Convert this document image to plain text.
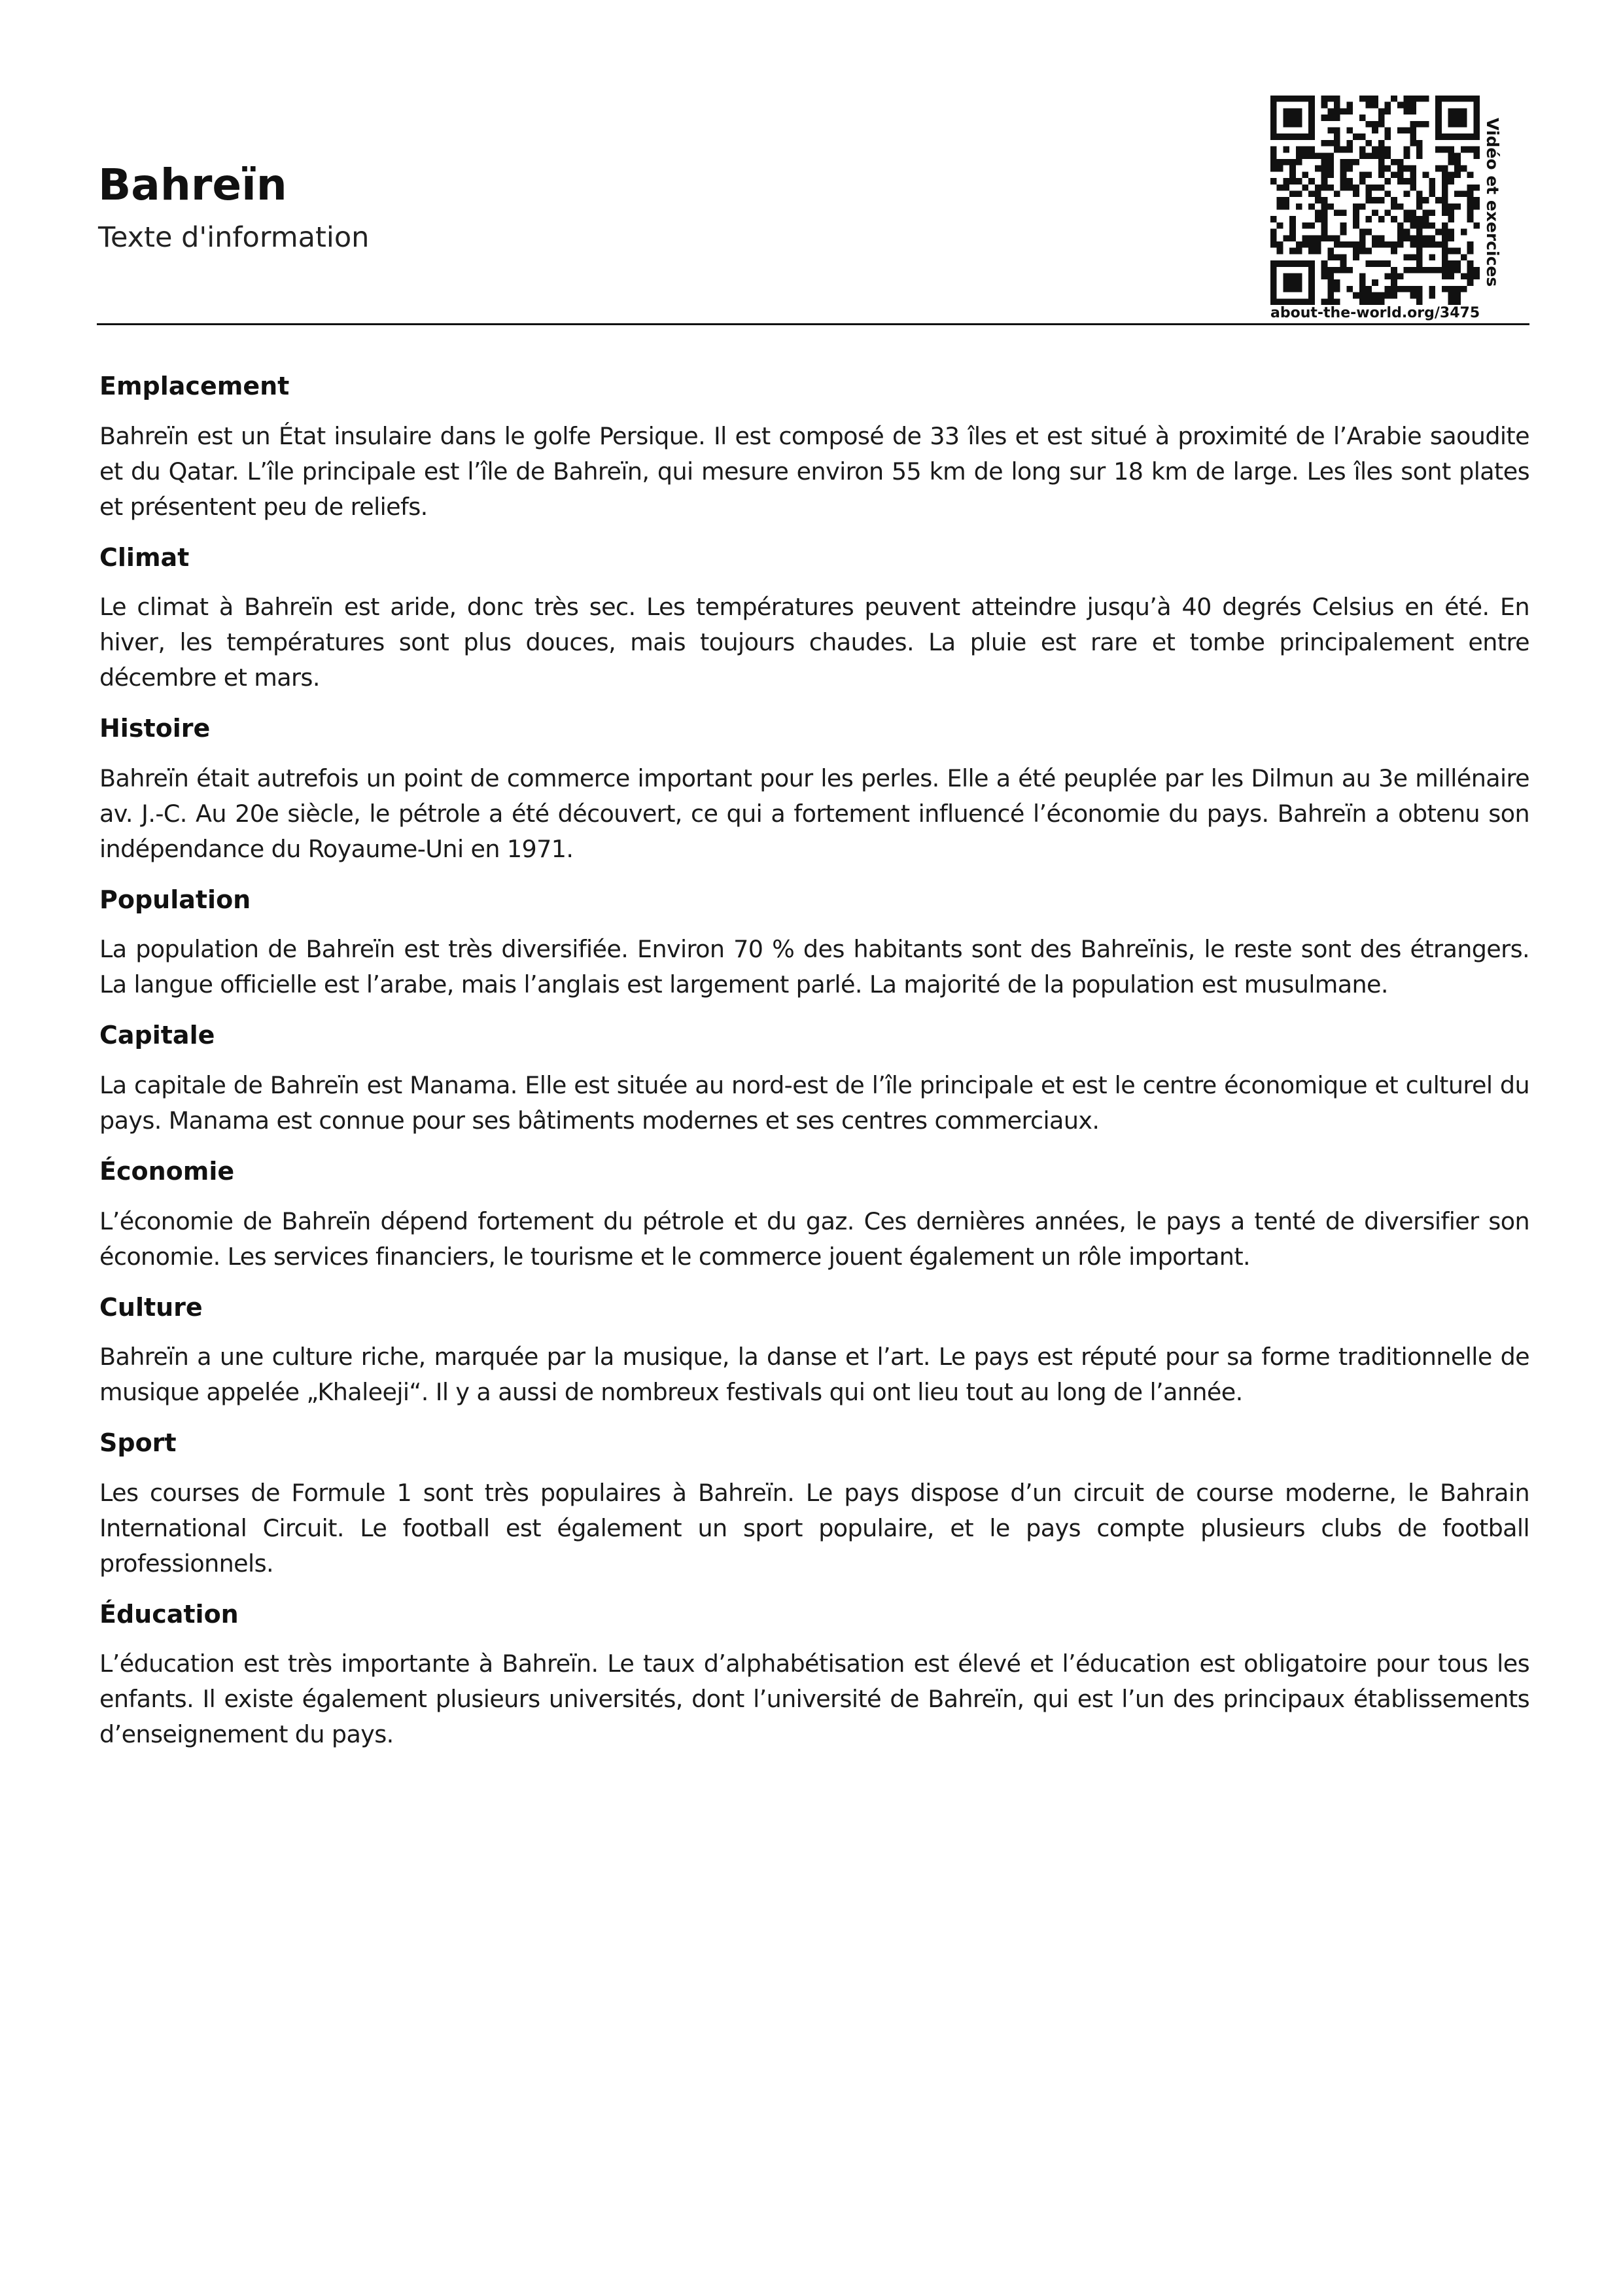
Bahreïn
Texte d'information	Vidéo et exercices
about-the-world.org/3475
Emplacement

Bahreïn est un État insulaire dans le golfe Persique. Il est composé de 33 îles et est situé à proximité de l’Arabie saoudite et du Qatar. L’île principale est l’île de Bahreïn, qui mesure environ 55 km de long sur 18 km de large. Les îles sont plates et présentent peu de reliefs.

Climat

Le climat à Bahreïn est aride, donc très sec. Les températures peuvent atteindre jusqu’à 40 degrés Celsius en été. En hiver, les températures sont plus douces, mais toujours chaudes. La pluie est rare et tombe principalement entre décembre et mars.

Histoire

Bahreïn était autrefois un point de commerce important pour les perles. Elle a été peuplée par les Dilmun au 3e millénaire av. J.-C. Au 20e siècle, le pétrole a été découvert, ce qui a fortement influencé l’économie du pays. Bahreïn a obtenu son indépendance du Royaume-Uni en 1971.

Population

La population de Bahreïn est très diversifiée. Environ 70 % des habitants sont des Bahreïnis, le reste sont des étrangers. La langue officielle est l’arabe, mais l’anglais est largement parlé. La majorité de la population est musulmane.

Capitale

La capitale de Bahreïn est Manama. Elle est située au nord-est de l’île principale et est le centre économique et culturel du pays. Manama est connue pour ses bâtiments modernes et ses centres commerciaux.

Économie

L’économie de Bahreïn dépend fortement du pétrole et du gaz. Ces dernières années, le pays a tenté de diversifier son économie. Les services financiers, le tourisme et le commerce jouent également un rôle important.

Culture

Bahreïn a une culture riche, marquée par la musique, la danse et l’art. Le pays est réputé pour sa forme traditionnelle de musique appelée „Khaleeji“. Il y a aussi de nombreux festivals qui ont lieu tout au long de l’année.

Sport

Les courses de Formule 1 sont très populaires à Bahreïn. Le pays dispose d’un circuit de course moderne, le Bahrain International Circuit. Le football est également un sport populaire, et le pays compte plusieurs clubs de football professionnels.

Éducation

L’éducation est très importante à Bahreïn. Le taux d’alphabétisation est élevé et l’éducation est obligatoire pour tous les enfants. Il existe également plusieurs universités, dont l’université de Bahreïn, qui est l’un des principaux établissements d’enseignement du pays.
